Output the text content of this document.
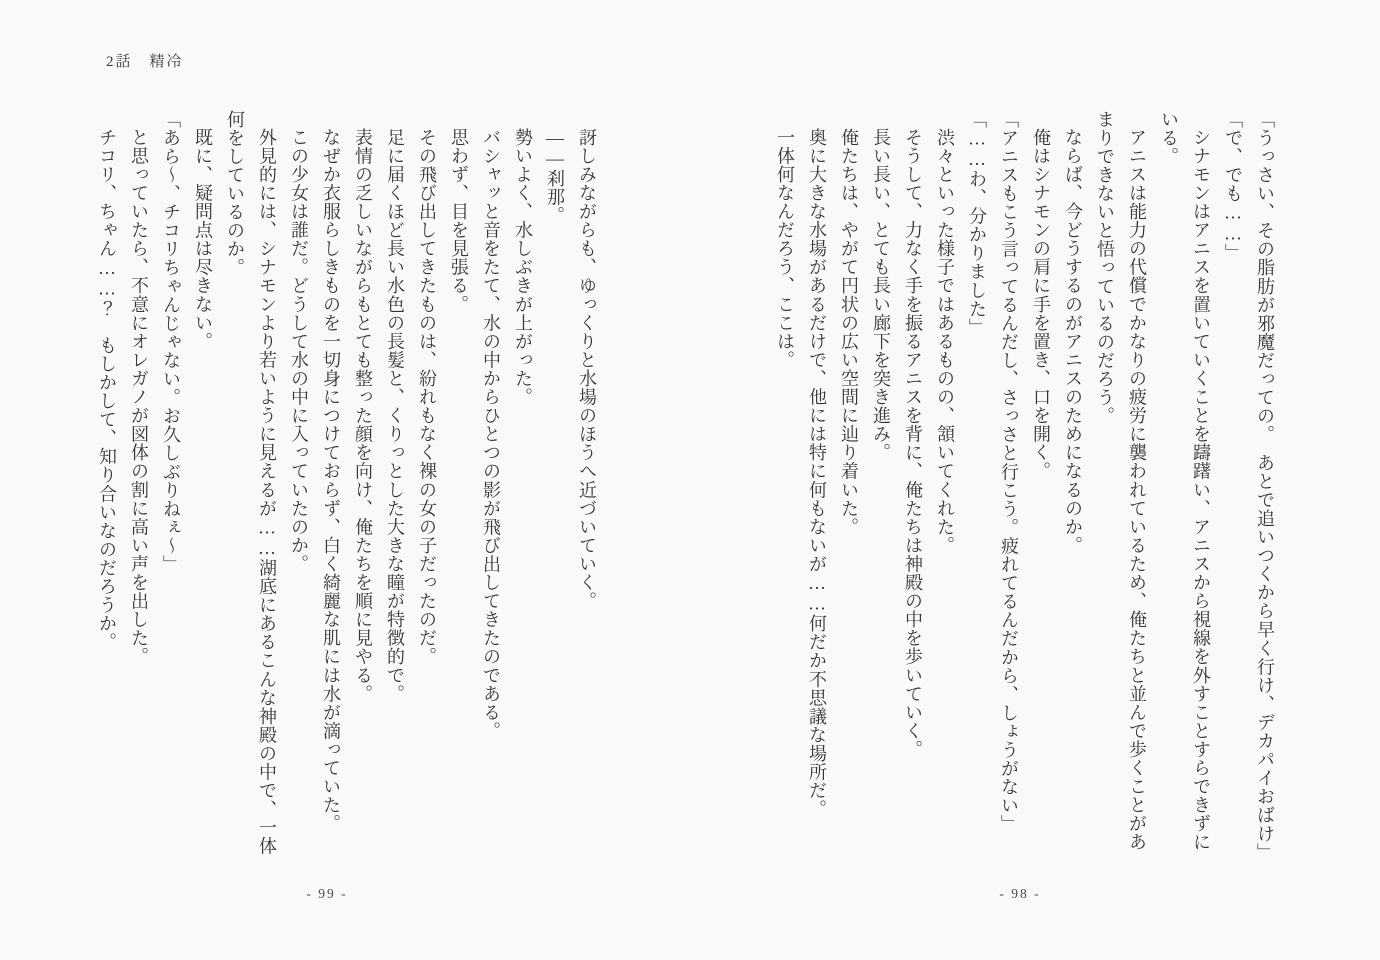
2話　精冷

「うっさい、その脂肪が邪魔だっての。　あとで追いつくから早く行け、デカパイおばけ」

「で、でも……」

シナモンはアニスを置いていくことを躊躇い、アニスから視線を外すことすらできずにいる。

アニスは能力の代償でかなりの疲労に襲われているため、俺たちと並んで歩くことがあまりできないと悟っているのだろう。

ならば、今どうするのがアニスのためになるのか。

俺はシナモンの肩に手を置き、口を開く。

「アニスもこう言ってるんだし、さっさと行こう。疲れてるんだから、しょうがない」

「……わ、分かりました」

渋々といった様子ではあるものの、頷いてくれた。

そうして、力なく手を振るアニスを背に、俺たちは神殿の中を歩いていく。

長い長い、とても長い廊下を突き進み。

俺たちは、やがて円状の広い空間に辿り着いた。

奥に大きな水場があるだけで、他には特に何もないが……何だか不思議な場所だ。

一体何なんだろう、ここは。

訝しみながらも、ゆっくりと水場のほうへ近づいていく。

――刹那。

勢いよく、水しぶきが上がった。

バシャッと音をたて、水の中からひとつの影が飛び出してきたのである。

思わず、目を見張る。

その飛び出してきたものは、紛れもなく裸の女の子だったのだ。

足に届くほど長い水色の長髪と、くりっとした大きな瞳が特徴的で。

表情の乏しいながらもとても整った顔を向け、俺たちを順に見やる。

なぜか衣服らしきものを一切身につけておらず、白く綺麗な肌には水が滴っていた。

この少女は誰だ。どうして水の中に入っていたのか。

外見的には、シナモンより若いように見えるが……湖底にあるこんな神殿の中で、一体何をしているのか。

既に、疑問点は尽きない。

「あら～、チコリちゃんじゃない。お久しぶりねぇ～」

と思っていたら、不意にオレガノが図体の割に高い声を出した。

チコリ、ちゃん……？　もしかして、知り合いなのだろうか。

- 98 -
- 99 -
